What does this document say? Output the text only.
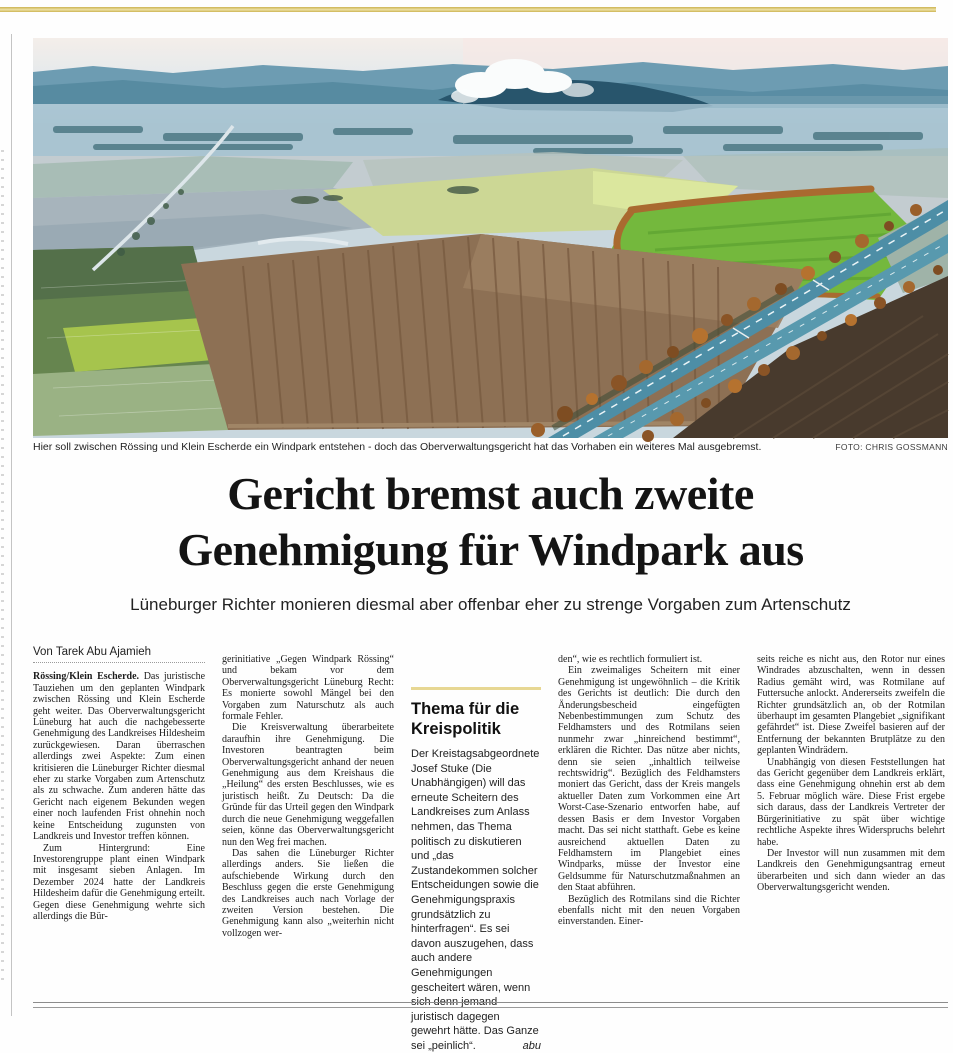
Hier soll zwischen Rössing und Klein Escherde ein Windpark entstehen - doch das Oberverwaltungsgericht hat das Vorhaben ein weiteres Mal ausgebremst.	FOTO: CHRIS GOSSMANN
Gericht bremst auch zweite
Genehmigung für Windpark aus
Lüneburger Richter monieren diesmal aber offenbar eher zu strenge Vorgaben zum Artenschutz
Von Tarek Abu Ajamieh

Rössing/Klein Escherde. Das juristische Tauziehen um den geplanten Windpark zwischen Rössing und Klein Escherde geht weiter. Das Oberverwaltungsgericht Lüneburg hat auch die nachgebesserte Genehmigung des Landkreises Hildesheim zurückgewiesen. Daran überraschen allerdings zwei Aspekte: Zum einen kritisieren die Lüneburger Richter diesmal eher zu starke Vorgaben zum Artenschutz als zu schwache. Zum anderen hätte das Gericht nach eigenem Bekunden wegen einer noch laufenden Frist ohnehin noch keine Entscheidung zugunsten von Landkreis und Investor treffen können.

Zum Hintergrund: Eine Investorengruppe plant einen Windpark mit insgesamt sieben Anlagen. Im Dezember 2024 hatte der Landkreis Hildesheim dafür die Genehmigung erteilt. Gegen diese Genehmigung wehrte sich allerdings die Bür-

gerinitiative „Gegen Windpark Rössing“ und bekam vor dem Oberverwaltungsgericht Lüneburg Recht: Es monierte sowohl Mängel bei den Vorgaben zum Naturschutz als auch formale Fehler.

Die Kreisverwaltung überarbeitete daraufhin ihre Genehmigung. Die Investoren beantragten beim Oberverwaltungsgericht anhand der neuen Genehmigung aus dem Kreishaus die „Heilung“ des ersten Beschlusses, wie es juristisch heißt. Zu Deutsch: Da die Gründe für das Urteil gegen den Windpark durch die neue Genehmigung weggefallen seien, könne das Oberverwaltungsgericht nun den Weg frei machen.

Das sahen die Lüneburger Richter allerdings anders. Sie ließen die aufschiebende Wirkung durch den Beschluss gegen die erste Genehmigung des Landkreises auch nach Vorlage der zweiten Version bestehen. Die Genehmigung kann also „weiterhin nicht vollzogen wer-

Thema für die Kreispolitik

Der Kreistagsabgeordnete Josef Stuke (Die Unabhängigen) will das erneute Scheitern des Landkreises zum Anlass nehmen, das Thema politisch zu diskutieren und „das Zustandekommen solcher Entscheidungen sowie die Genehmigungspraxis grundsätzlich zu hinterfragen“. Es sei davon auszugehen, dass auch andere Genehmigungen gescheitert wären, wenn sich denn jemand juristisch dagegen gewehrt hätte. Das Ganze sei „peinlich“.	abu

den“, wie es rechtlich formuliert ist.

Ein zweimaliges Scheitern mit einer Genehmigung ist ungewöhnlich – die Kritik des Gerichts ist deutlich: Die durch den Änderungsbescheid eingefügten Nebenbestimmungen zum Schutz des Feldhamsters und des Rotmilans seien nunmehr zwar „hinreichend bestimmt“, erklären die Richter. Das nütze aber nichts, denn sie seien „inhaltlich teilweise rechtswidrig“. Bezüglich des Feldhamsters moniert das Gericht, dass der Kreis mangels aktueller Daten zum Vorkommen eine Art Worst-Case-Szenario entworfen habe, auf dessen Basis er dem Investor Vorgaben macht. Das sei nicht statthaft. Gebe es keine ausreichend aktuellen Daten zu Feldhamstern im Plangebiet eines Windparks, müsse der Investor eine Geldsumme für Naturschutzmaßnahmen an den Staat abführen.

Bezüglich des Rotmilans sind die Richter ebenfalls nicht mit den neuen Vorgaben einverstanden. Einer-

seits reiche es nicht aus, den Rotor nur eines Windrades abzuschalten, wenn in dessen Radius gemäht wird, was Rotmilane auf Futtersuche anlockt. Andererseits zweifeln die Richter grundsätzlich an, ob der Rotmilan überhaupt im gesamten Plangebiet „signifikant gefährdet“ ist. Diese Zweifel basieren auf der Entfernung der bekannten Brutplätze zu den geplanten Windrädern.

Unabhängig von diesen Feststellungen hat das Gericht gegenüber dem Landkreis erklärt, dass eine Genehmigung ohnehin erst ab dem 5. Februar möglich wäre. Diese Frist ergebe sich daraus, dass der Landkreis Vertreter der Bürgerinitiative zu spät über wichtige rechtliche Aspekte ihres Widerspruchs belehrt habe.

Der Investor will nun zusammen mit dem Landkreis den Genehmigungsantrag erneut überarbeiten und sich dann wieder an das Oberverwaltungsgericht wenden.
